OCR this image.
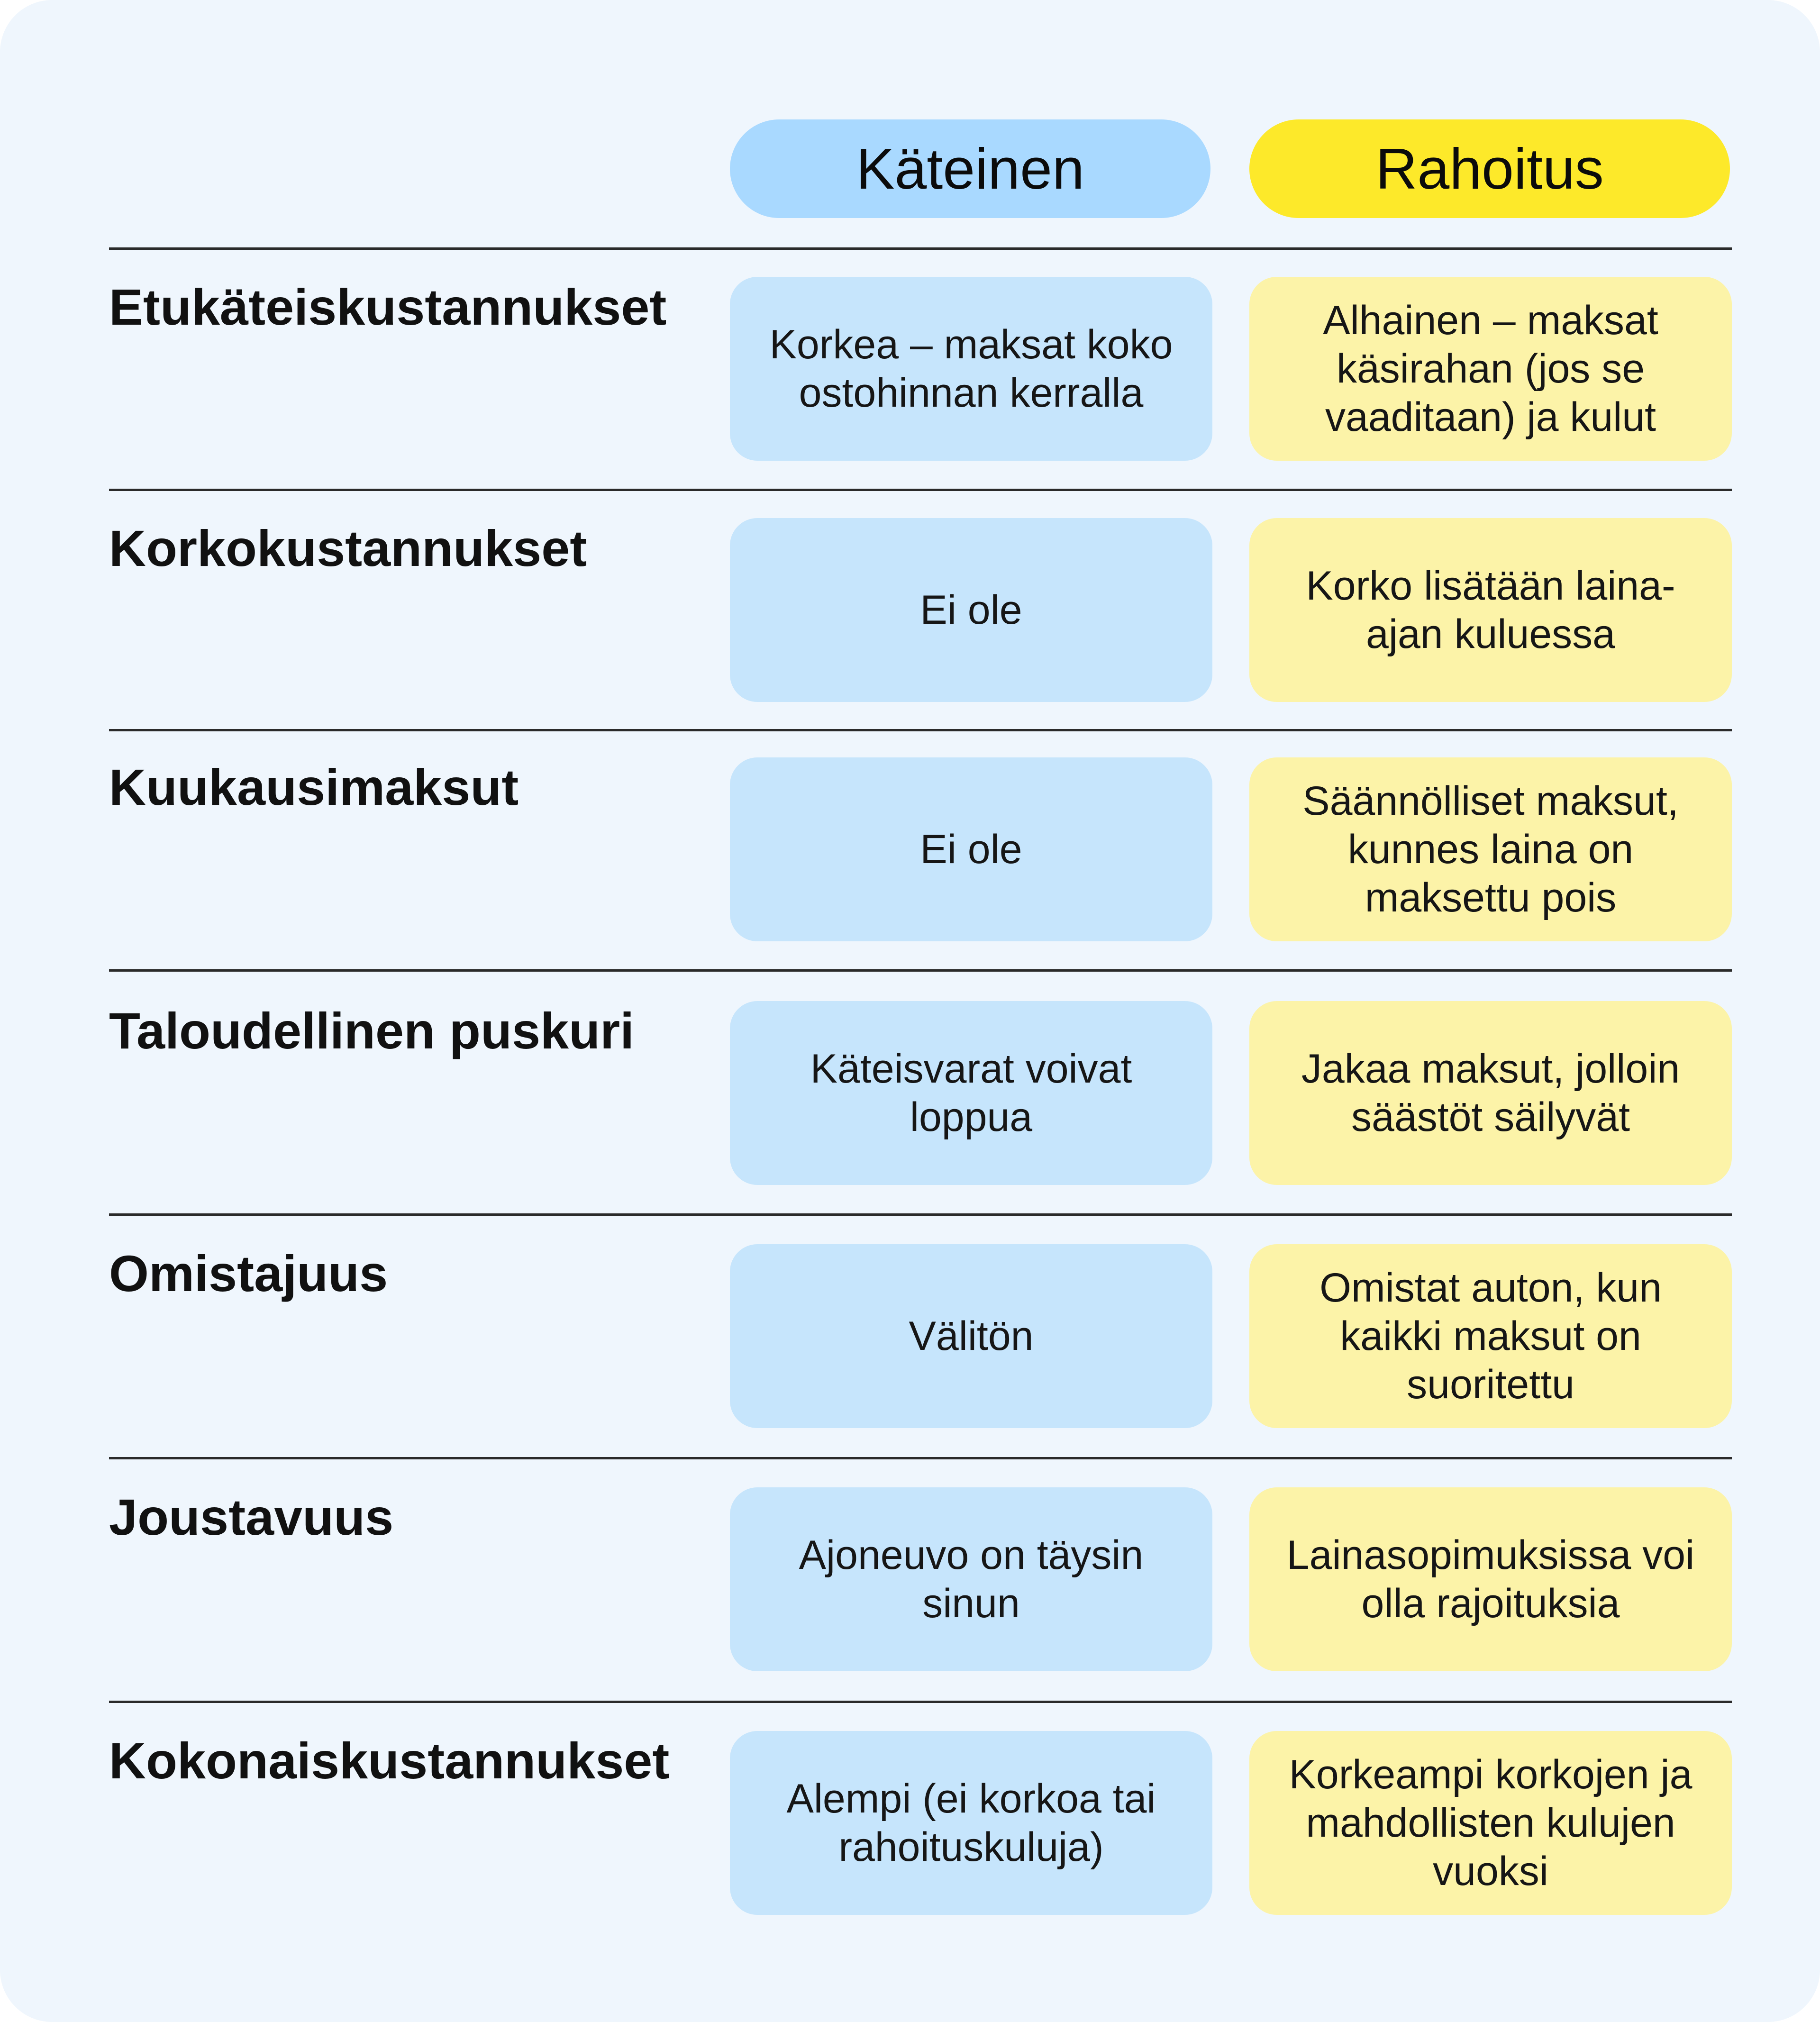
Käteinen	Rahoitus
Etukäteiskustannukset
Korkea – maksat koko ostohinnan kerralla
Alhainen – maksat käsirahan (jos se vaaditaan) ja kulut
Korkokustannukset
Ei ole
Korko lisätään laina-ajan kuluessa
Kuukausimaksut
Ei ole
Säännölliset maksut, kunnes laina on maksettu pois
Taloudellinen puskuri
Käteisvarat voivat loppua
Jakaa maksut, jolloin säästöt säilyvät
Omistajuus
Välitön
Omistat auton, kun kaikki maksut on suoritettu
Joustavuus
Ajoneuvo on täysin sinun
Lainasopimuksissa voi olla rajoituksia
Kokonaiskustannukset
Alempi (ei korkoa tai rahoituskuluja)
Korkeampi korkojen ja mahdollisten kulujen vuoksi
